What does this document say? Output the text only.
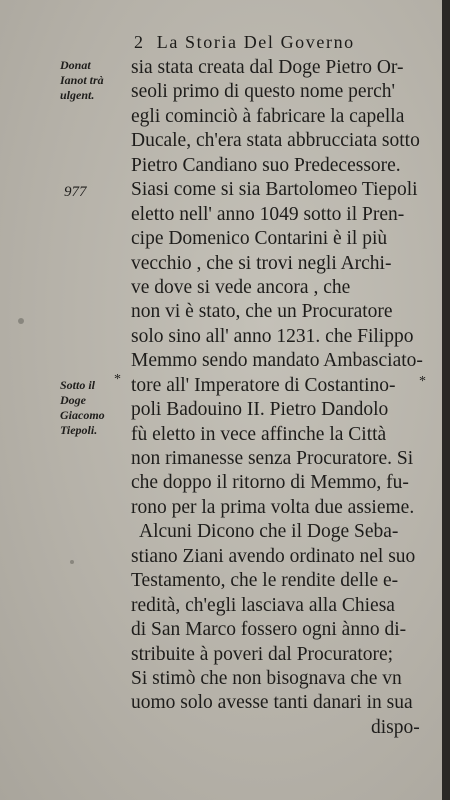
2 La Storia Del Governo
Donat
Ianot trà
ulgent.
977
Sotto il
Doge
Giacomo
Tiepoli.
*	*
sia stata creata dal Doge Pietro Or-
seoli primo di questo nome perch'
egli cominciò à fabricare la capella
Ducale, ch'era stata abbrucciata sotto
Pietro Candiano suo Predecessore.
Siasi come si sia Bartolomeo Tiepoli
eletto nell' anno 1049 sotto il Pren-
cipe Domenico Contarini è il più
vecchio , che si trovi negli Archi-
ve dove si vede ancora , che
non vi è stato, che un Procuratore
solo sino all' anno 1231. che Filippo
Memmo sendo mandato Ambasciato-
tore all' Imperatore di Costantino-
poli Badouino II. Pietro Dandolo
fù eletto in vece affinche la Città
non rimanesse senza Procuratore. Si
che doppo il ritorno di Memmo, fu-
rono per la prima volta due assieme.
Alcuni Dicono che il Doge Seba-
stiano Ziani avendo ordinato nel suo
Testamento, che le rendite delle e-
redità, ch'egli lasciava alla Chiesa
di San Marco fossero ogni ànno di-
stribuite à poveri dal Procuratore;
Si stimò che non bisognava che vn
uomo solo avesse tanti danari in sua
dispo-
